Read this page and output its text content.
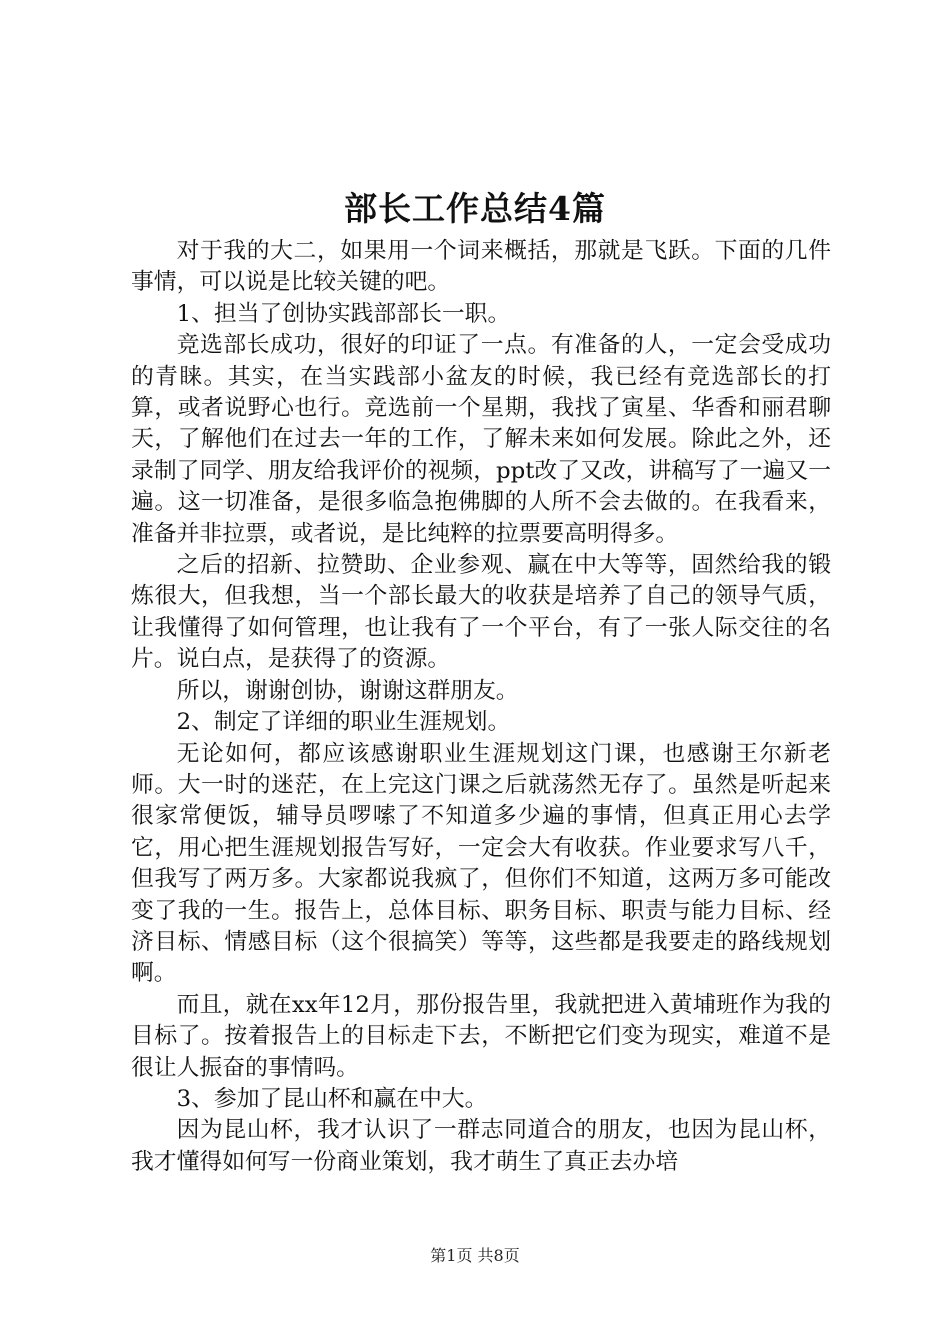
部长工作总结4篇

对于我的大二，如果用一个词来概括，那就是飞跃。下面的几件事情，可以说是比较关键的吧。

1、担当了创协实践部部长一职。

竞选部长成功，很好的印证了一点。有准备的人，一定会受成功的青睐。其实，在当实践部小盆友的时候，我已经有竞选部长的打算，或者说野心也行。竞选前一个星期，我找了寅星、华香和丽君聊天，了解他们在过去一年的工作，了解未来如何发展。除此之外，还录制了同学、朋友给我评价的视频，ppt改了又改，讲稿写了一遍又一遍。这一切准备，是很多临急抱佛脚的人所不会去做的。在我看来，准备并非拉票，或者说，是比纯粹的拉票要高明得多。

之后的招新、拉赞助、企业参观、赢在中大等等，固然给我的锻炼很大，但我想，当一个部长最大的收获是培养了自己的领导气质，让我懂得了如何管理，也让我有了一个平台，有了一张人际交往的名片。说白点，是获得了的资源。

所以，谢谢创协，谢谢这群朋友。

2、制定了详细的职业生涯规划。

无论如何，都应该感谢职业生涯规划这门课，也感谢王尔新老师。大一时的迷茫，在上完这门课之后就荡然无存了。虽然是听起来很家常便饭，辅导员啰嗦了不知道多少遍的事情，但真正用心去学它，用心把生涯规划报告写好，一定会大有收获。作业要求写八千，但我写了两万多。大家都说我疯了，但你们不知道，这两万多可能改变了我的一生。报告上，总体目标、职务目标、职责与能力目标、经济目标、情感目标（这个很搞笑）等等，这些都是我要走的路线规划啊。

而且，就在xx年12月，那份报告里，我就把进入黄埔班作为我的目标了。按着报告上的目标走下去，不断把它们变为现实，难道不是很让人振奋的事情吗。

3、参加了昆山杯和赢在中大。

因为昆山杯，我才认识了一群志同道合的朋友，也因为昆山杯，我才懂得如何写一份商业策划，我才萌生了真正去办培

第1页 共8页
